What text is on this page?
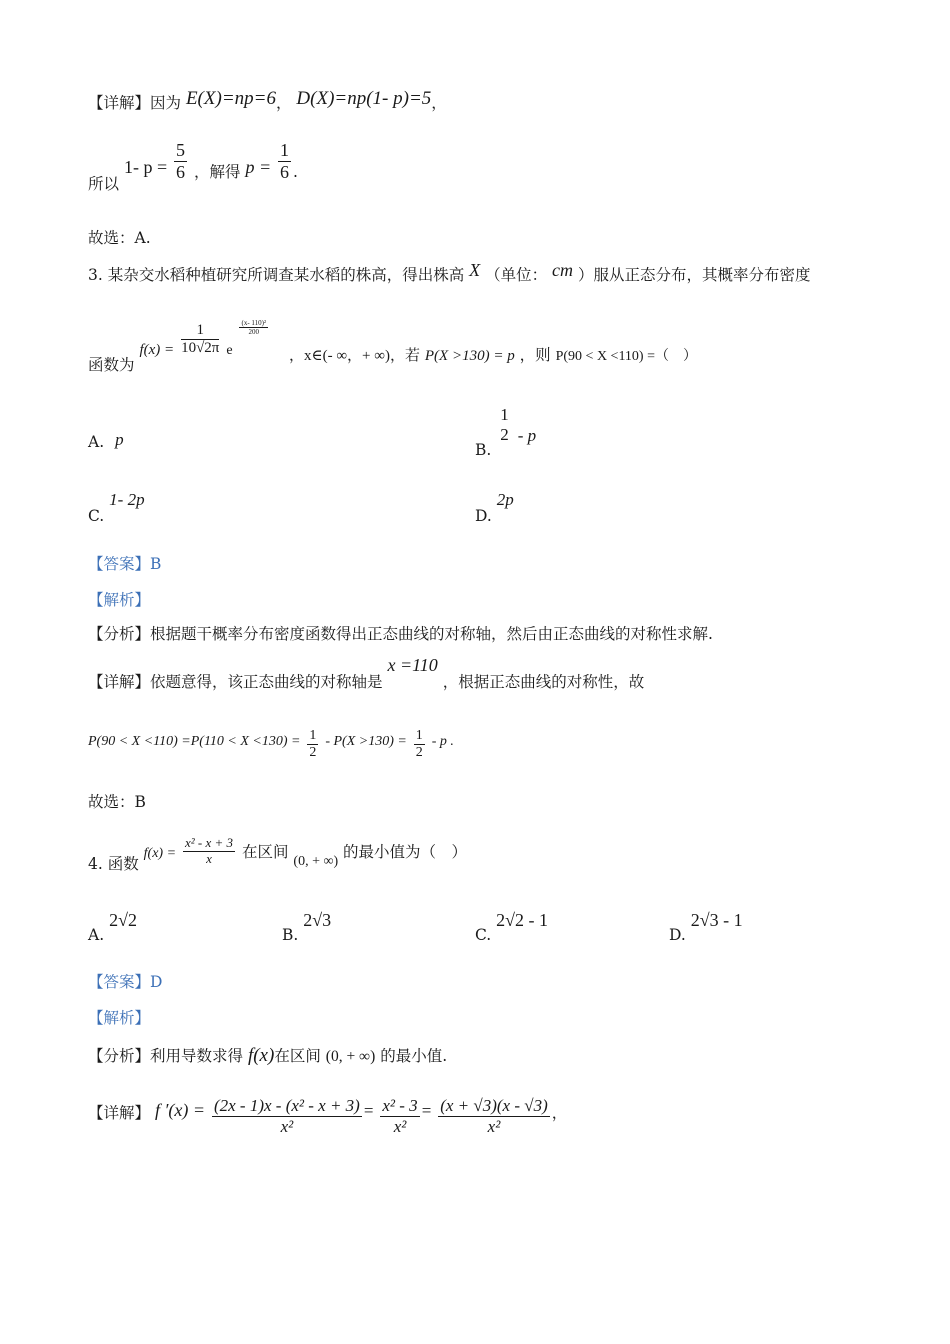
【详解】因为 E(X)=np=6， D(X)=np(1- p)=5，
所以 1- $p = \frac{5}{6}$ ，解得 $p = \frac{1}{6}$ .
故选：A.
3. 某杂交水稻种植研究所调查某水稻的株高，得出株高 X （单位： cm ）服从正态分布，其概率分布密度
函数为 $f(x) = \frac{1}{10√2\pi}$ e
$\frac{\text{(x- 110)²}}{200}$
，x∈(- ∞，+ ∞)，若 P(X >130) = p ，则 P(90 < X <110) =（　）
A. p
B.
1
2 - p
C. 1- 2p
D. 2p
【答案】B
【解析】
【分析】根据题干概率分布密度函数得出正态曲线的对称轴，然后由正态曲线的对称性求解.
【详解】依题意得，该正态曲线的对称轴是 x =110 ，根据正态曲线的对称性，故
$P(90 < X <110) =P(110 < X <130) = \frac{1}{2} - P(X >130) = \frac{1}{2} - p$ .
故选：B
4. 函数 $f(x) = \frac{\text{x² - x + 3}}{x}$ 在区间 (0, + ∞) 的最小值为（　）
A. 2√2
B. 2√3
C. 2√2 - 1
D. 2√3 - 1
【答案】D
【解析】
【分析】利用导数求得 f(x)在区间 (0, + ∞) 的最小值.
【详解】 f $'(x) = \frac{\text{(2x - 1)x - (x² - x + 3)}}{\text{x²}} = \frac{\text{x² - 3}}{\text{x²}} = \frac{(x + √3)(x - √3)}{\text{x²}}$ ，
